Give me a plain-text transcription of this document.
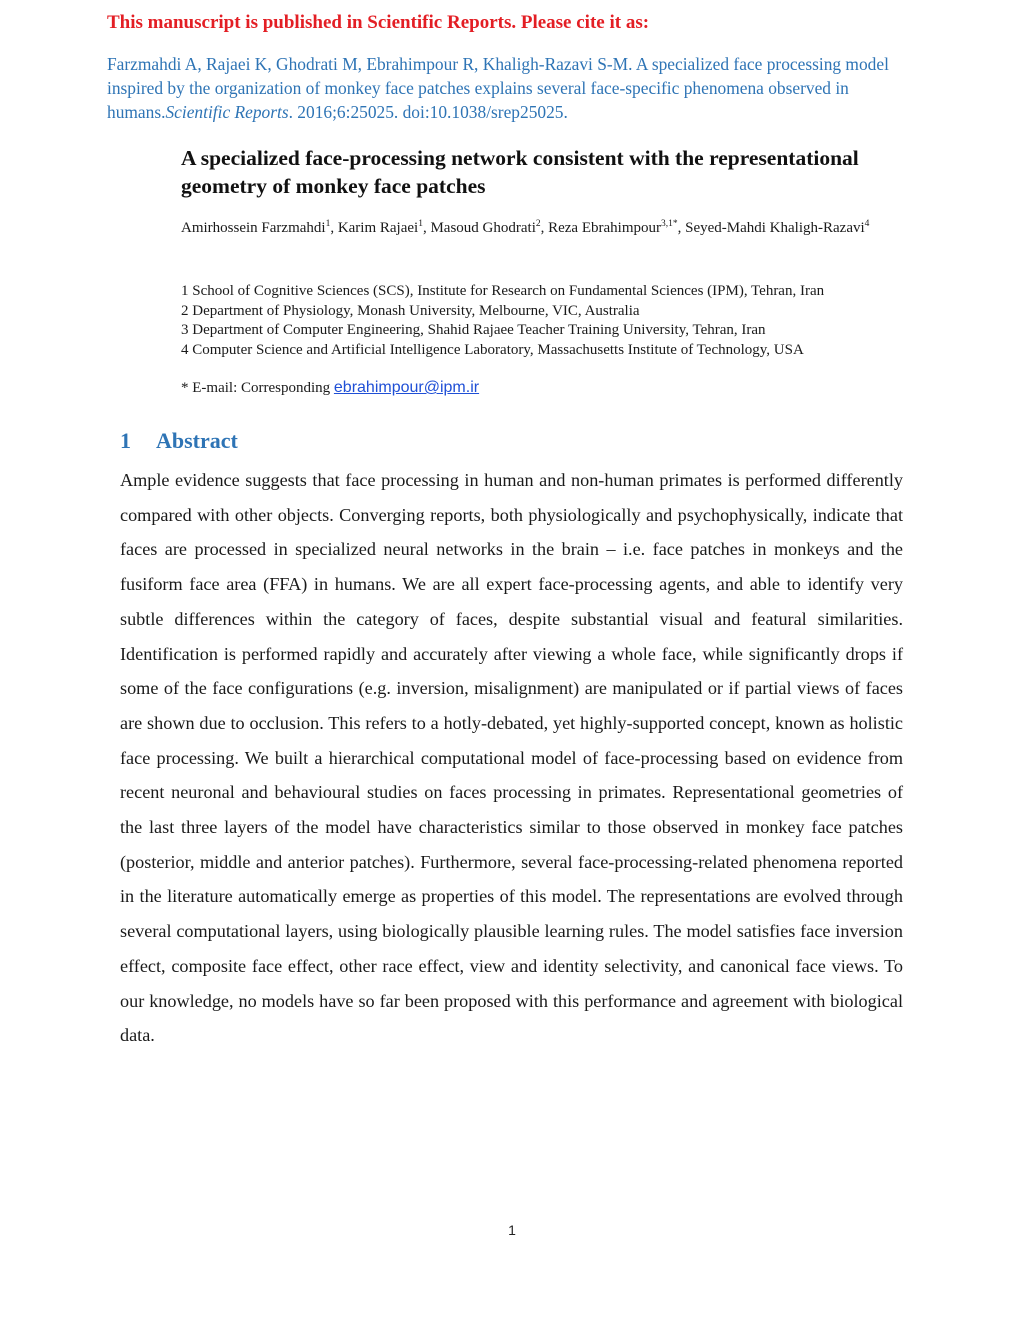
This manuscript is published in Scientific Reports. Please cite it as:
Farzmahdi A, Rajaei K, Ghodrati M, Ebrahimpour R, Khaligh-Razavi S-M. A specialized face processing model inspired by the organization of monkey face patches explains several face-specific phenomena observed in humans.Scientific Reports. 2016;6:25025. doi:10.1038/srep25025.
A specialized face-processing network consistent with the representational geometry of monkey face patches
Amirhossein Farzmahdi$^1$, Karim Rajaei$^1$, Masoud Ghodrati$^2$, Reza Ebrahimpour$^{3,1*}$, Seyed-Mahdi Khaligh-Razavi$^4$
1 School of Cognitive Sciences (SCS), Institute for Research on Fundamental Sciences (IPM), Tehran, Iran
2 Department of Physiology, Monash University, Melbourne, VIC, Australia
3 Department of Computer Engineering, Shahid Rajaee Teacher Training University, Tehran, Iran
4 Computer Science and Artificial Intelligence Laboratory, Massachusetts Institute of Technology, USA
* E-mail: Corresponding ebrahimpour@ipm.ir
1 Abstract
Ample evidence suggests that face processing in human and non-human primates is performed differently compared with other objects. Converging reports, both physiologically and psychophysically, indicate that faces are processed in specialized neural networks in the brain – i.e. face patches in monkeys and the fusiform face area (FFA) in humans. We are all expert face-processing agents, and able to identify very subtle differences within the category of faces, despite substantial visual and featural similarities. Identification is performed rapidly and accurately after viewing a whole face, while significantly drops if some of the face configurations (e.g. inversion, misalignment) are manipulated or if partial views of faces are shown due to occlusion. This refers to a hotly-debated, yet highly-supported concept, known as holistic face processing. We built a hierarchical computational model of face-processing based on evidence from recent neuronal and behavioural studies on faces processing in primates. Representational geometries of the last three layers of the model have characteristics similar to those observed in monkey face patches (posterior, middle and anterior patches). Furthermore, several face-processing-related phenomena reported in the literature automatically emerge as properties of this model. The representations are evolved through several computational layers, using biologically plausible learning rules. The model satisfies face inversion effect, composite face effect, other race effect, view and identity selectivity, and canonical face views. To our knowledge, no models have so far been proposed with this performance and agreement with biological data.
1
